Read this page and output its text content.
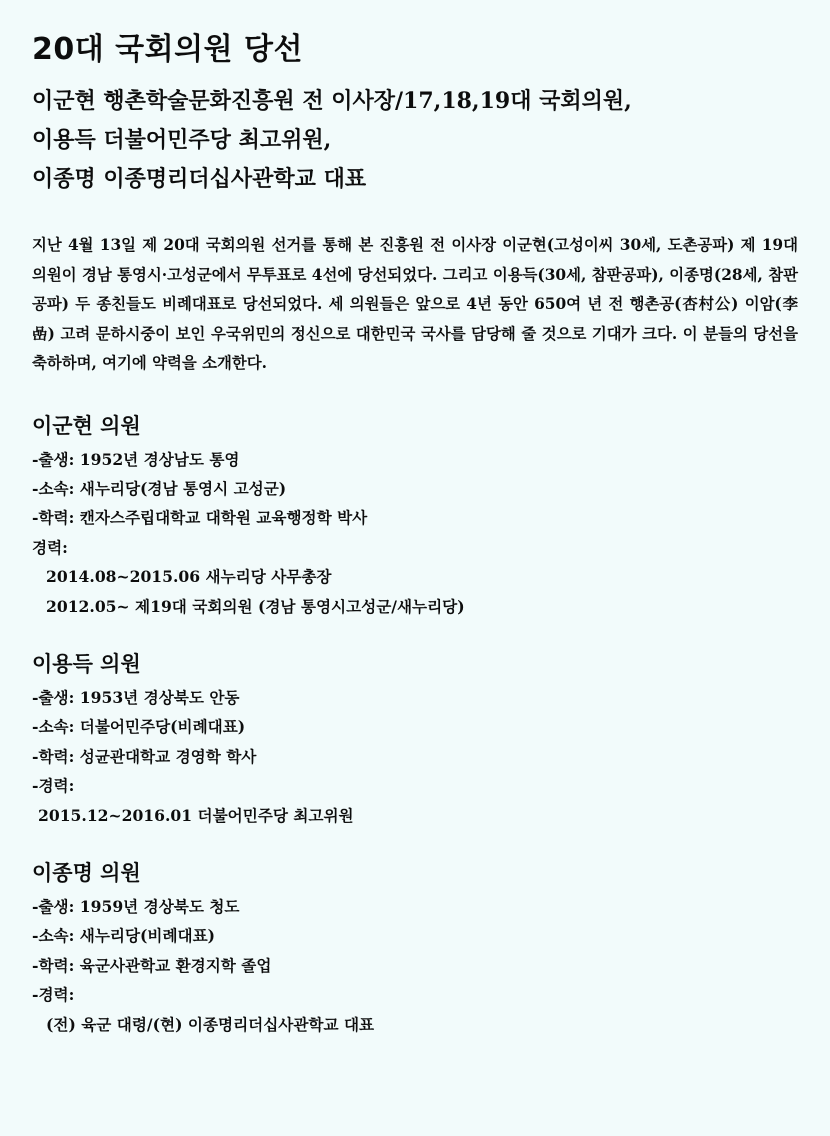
20대 국회의원 당선

이군현 행촌학술문화진흥원 전 이사장/17,18,19대 국회의원,

이용득 더불어민주당 최고위원,

이종명 이종명리더십사관학교 대표

지난 4월 13일 제 20대 국회의원 선거를 통해 본 진흥원 전 이사장 이군현(고성이씨 30세, 도촌공파) 제 19대 의원이 경남 통영시·고성군에서 무투표로 4선에 당선되었다. 그리고 이용득(30세, 참판공파), 이종명(28세, 참판공파) 두 종친들도 비례대표로 당선되었다. 세 의원들은 앞으로 4년 동안 650여 년 전 행촌공(杏村公) 이암(李嵒) 고려 문하시중이 보인 우국위민의 정신으로 대한민국 국사를 담당해 줄 것으로 기대가 크다. 이 분들의 당선을 축하하며, 여기에 약력을 소개한다.

이군현 의원
-출생: 1952년 경상남도 통영
-소속: 새누리당(경남 통영시 고성군)
-학력: 캔자스주립대학교 대학원 교육행정학 박사
경력:
2014.08~2015.06 새누리당 사무총장
2012.05~ 제19대 국회의원 (경남 통영시고성군/새누리당)
이용득 의원
-출생: 1953년 경상북도 안동
-소속: 더불어민주당(비례대표)
-학력: 성균관대학교 경영학 학사
-경력:
2015.12~2016.01 더불어민주당 최고위원
이종명 의원
-출생: 1959년 경상북도 청도
-소속: 새누리당(비례대표)
-학력: 육군사관학교 환경지학 졸업
-경력:
(전) 육군 대령/(현) 이종명리더십사관학교 대표
